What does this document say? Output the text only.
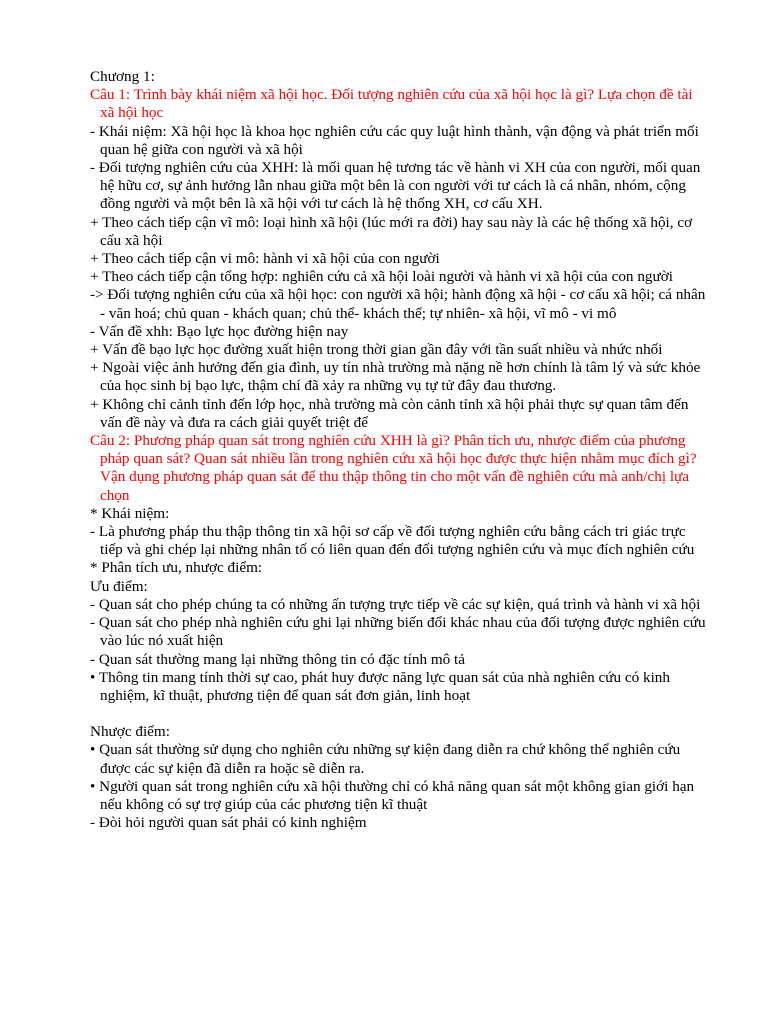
Chương 1:

Câu 1: Trình bày khái niệm xã hội học. Đối tượng nghiên cứu của xã hội học là gì? Lựa chọn đề tài xã hội học

- Khái niệm: Xã hội học là khoa học nghiên cứu các quy luật hình thành, vận động và phát triển mối quan hệ giữa con người và xã hội

- Đối tượng nghiên cứu của XHH: là mối quan hệ tương tác về hành vi XH của con người, mối quan hệ hữu cơ, sự ảnh hưởng lẫn nhau giữa một bên là con người với tư cách là cá nhân, nhóm, cộng đồng người và một bên là xã hội với tư cách là hệ thống XH, cơ cấu XH.

+ Theo cách tiếp cận vĩ mô: loại hình xã hội (lúc mới ra đời) hay sau này là các hệ thống xã hội, cơ cấu xã hội

+ Theo cách tiếp cận vi mô: hành vi xã hội của con người

+ Theo cách tiếp cận tổng hợp: nghiên cứu cả xã hội loài người và hành vi xã hội của con người

-> Đối tượng nghiên cứu của xã hội học: con người xã hội; hành động xã hội - cơ cấu xã hội; cá nhân - văn hoá; chủ quan - khách quan; chủ thể- khách thể; tự nhiên- xã hội, vĩ mô - vi mô

- Vấn đề xhh: Bạo lực học đường hiện nay

+ Vấn đề bạo lực học đường xuất hiện trong thời gian gần đây với tần suất nhiều và nhức nhối

+ Ngoài việc ảnh hưởng đến gia đình, uy tín nhà trường mà nặng nề hơn chính là tâm lý và sức khỏe của học sinh bị bạo lực, thậm chí đã xảy ra những vụ tự tử đây đau thương.

+ Không chỉ cảnh tỉnh đến lớp học, nhà trường mà còn cảnh tỉnh xã hội phải thực sự quan tâm đến vấn đề này và đưa ra cách giải quyết triệt để

Câu 2: Phương pháp quan sát trong nghiên cứu XHH là gì? Phân tích ưu, nhược điểm của phương pháp quan sát? Quan sát nhiều lần trong nghiên cứu xã hội học được thực hiện nhằm mục đích gì? Vận dụng phương pháp quan sát để thu thập thông tin cho một vấn đề nghiên cứu mà anh/chị lựa chọn

* Khái niệm:

- Là phương pháp thu thập thông tin xã hội sơ cấp về đối tượng nghiên cứu bằng cách tri giác trực tiếp và ghi chép lại những nhân tố có liên quan đến đối tượng nghiên cứu và mục đích nghiên cứu

* Phân tích ưu, nhược điểm:

Ưu điểm:

- Quan sát cho phép chúng ta có những ấn tượng trực tiếp về các sự kiện, quá trình và hành vi xã hội

- Quan sát cho phép nhà nghiên cứu ghi lại những biến đổi khác nhau của đối tượng được nghiên cứu vào lúc nó xuất hiện

- Quan sát thường mang lại những thông tin có đặc tính mô tả

• Thông tin mang tính thời sự cao, phát huy được năng lực quan sát của nhà nghiên cứu có kinh nghiệm, kĩ thuật, phương tiện để quan sát đơn giản, linh hoạt

Nhược điểm:

• Quan sát thường sử dụng cho nghiên cứu những sự kiện đang diễn ra chứ không thể nghiên cứu được các sự kiện đã diễn ra hoặc sẽ diễn ra.

• Người quan sát trong nghiên cứu xã hội thường chỉ có khả năng quan sát một không gian giới hạn nếu không có sự trợ giúp của các phương tiện kĩ thuật

- Đòi hỏi người quan sát phải có kinh nghiệm
